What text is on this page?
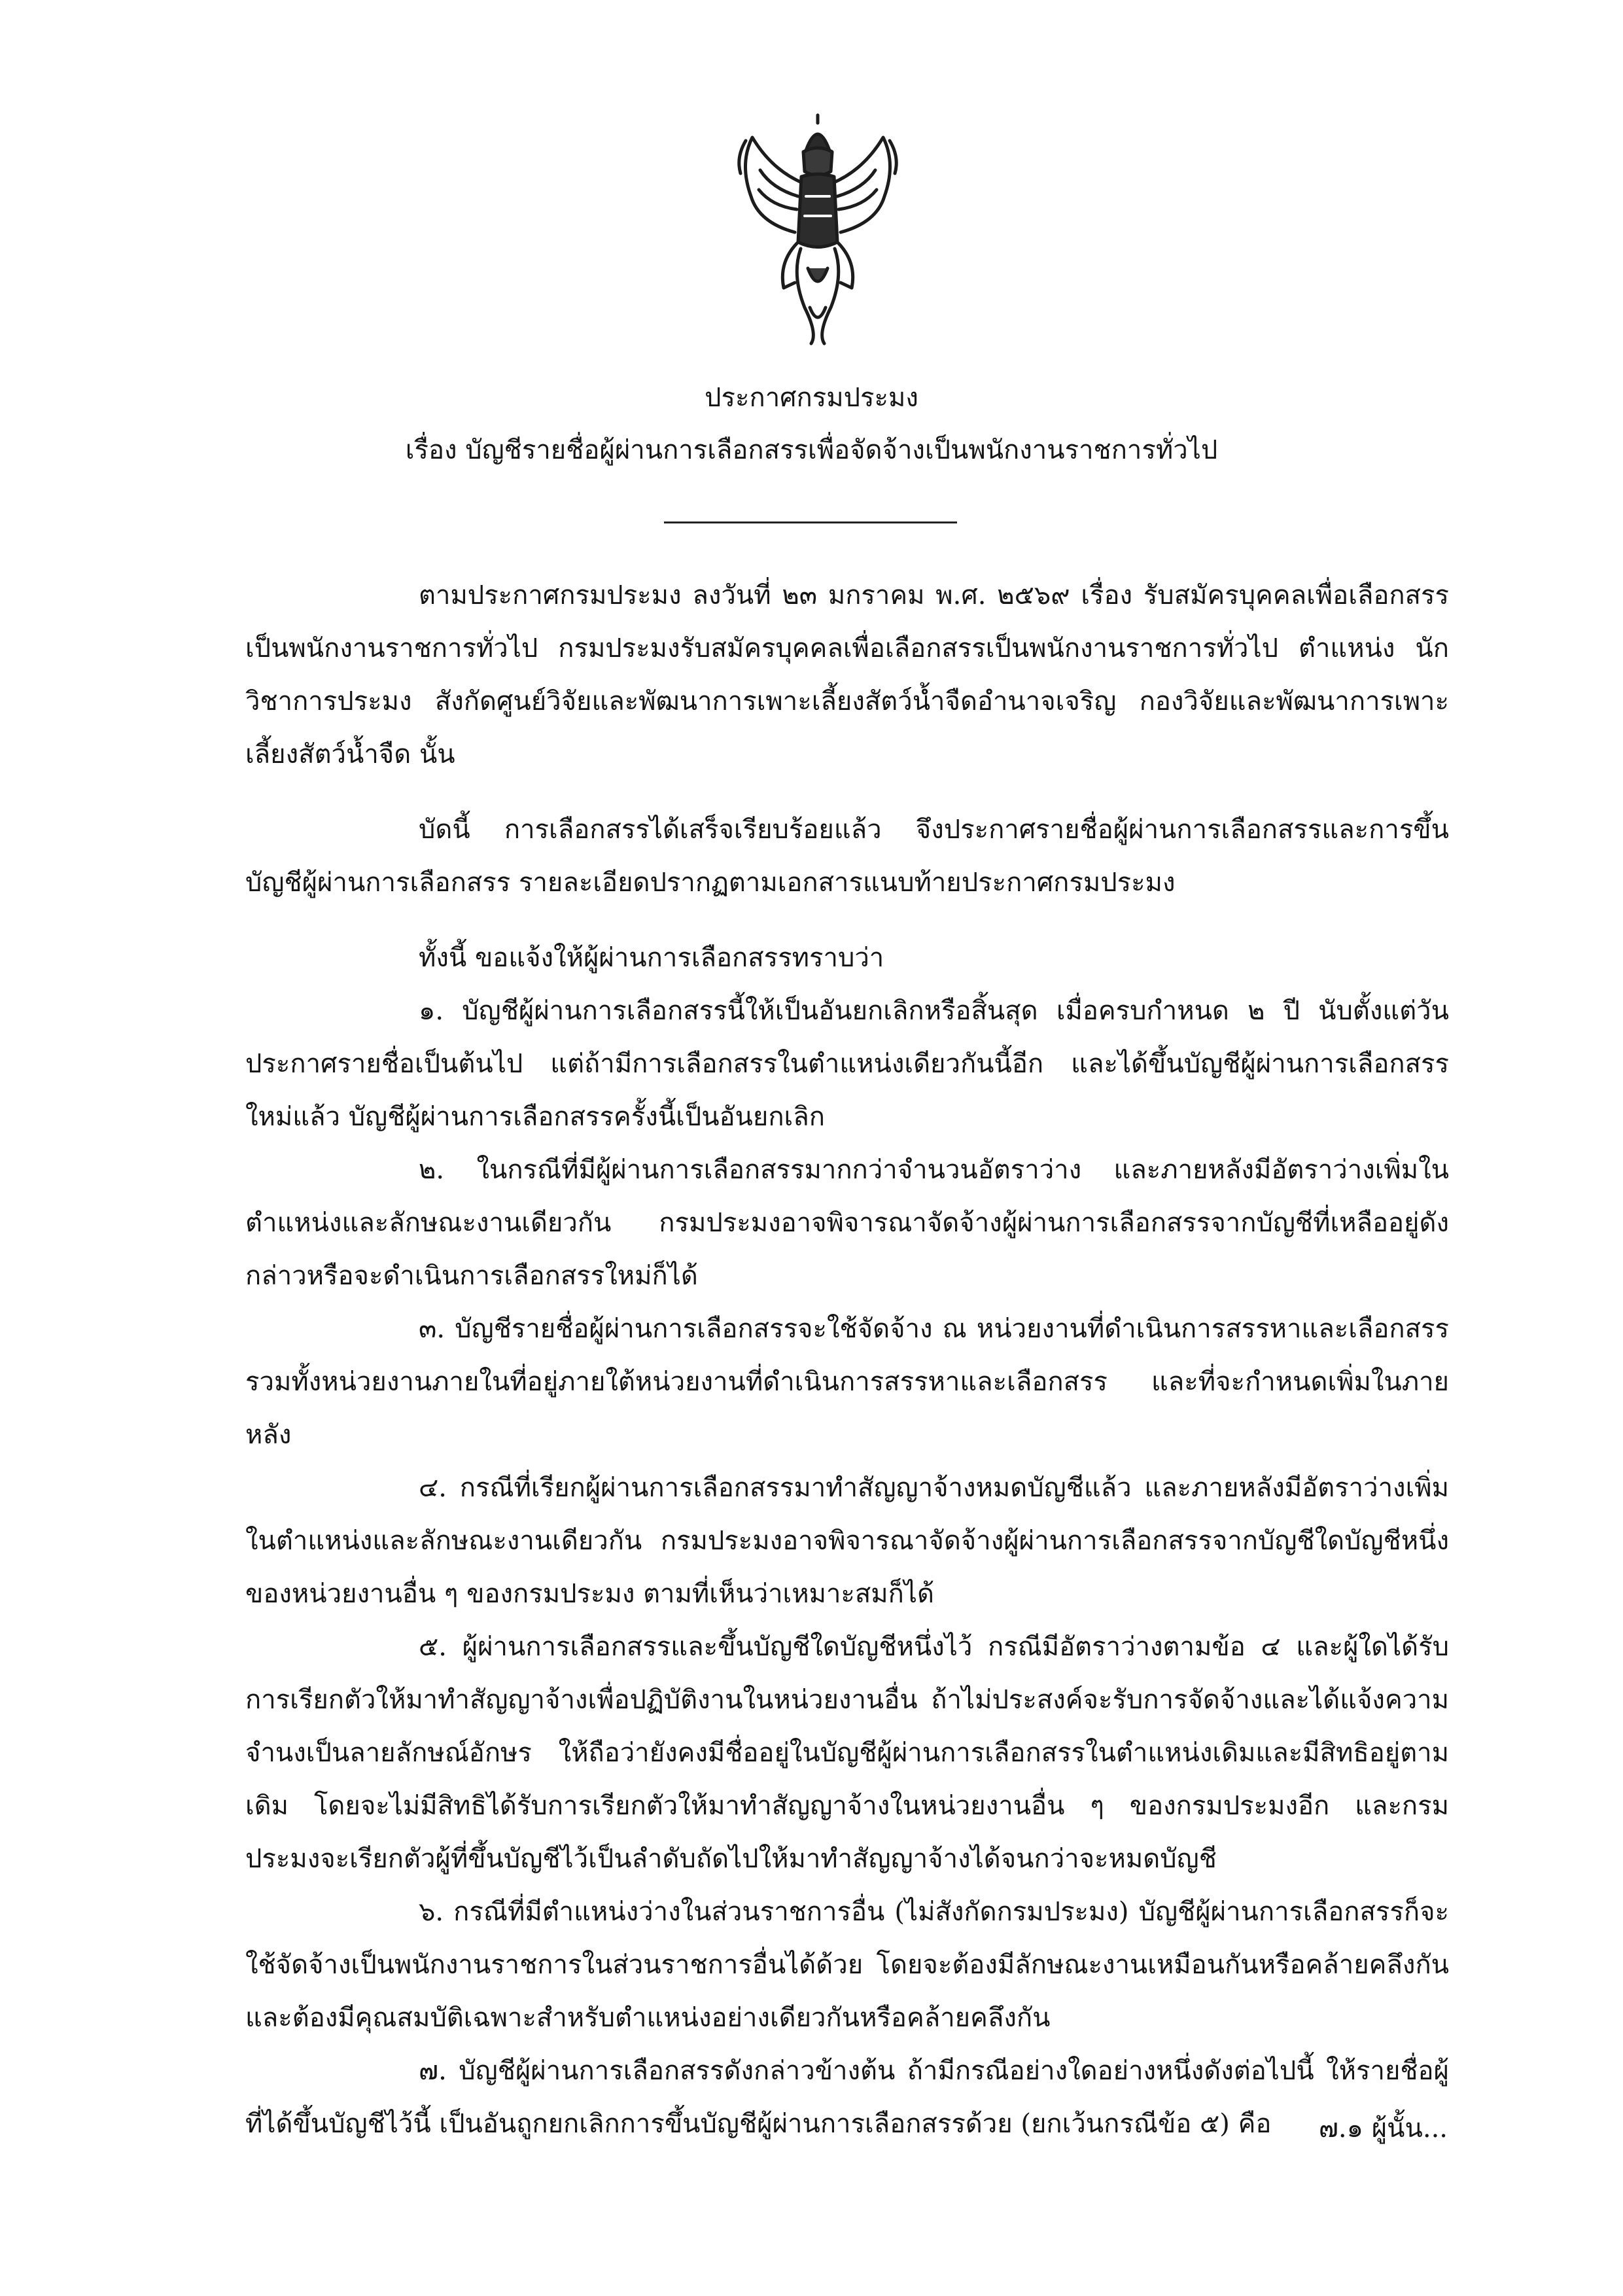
ประกาศกรมประมง
เรื่อง บัญชีรายชื่อผู้ผ่านการเลือกสรรเพื่อจัดจ้างเป็นพนักงานราชการทั่วไป

ตามประกาศกรมประมง ลงวันที่ ๒๓ มกราคม พ.ศ. ๒๕๖๙ เรื่อง รับสมัครบุคคลเพื่อเลือกสรรเป็นพนักงานราชการทั่วไป กรมประมงรับสมัครบุคคลเพื่อเลือกสรรเป็นพนักงานราชการทั่วไป ตำแหน่ง นักวิชาการประมง สังกัดศูนย์วิจัยและพัฒนาการเพาะเลี้ยงสัตว์น้ำจืดอำนาจเจริญ กองวิจัยและพัฒนาการเพาะเลี้ยงสัตว์น้ำจืด นั้น

บัดนี้ การเลือกสรรได้เสร็จเรียบร้อยแล้ว จึงประกาศรายชื่อผู้ผ่านการเลือกสรรและการขึ้นบัญชีผู้ผ่านการเลือกสรร รายละเอียดปรากฏตามเอกสารแนบท้ายประกาศกรมประมง

ทั้งนี้ ขอแจ้งให้ผู้ผ่านการเลือกสรรทราบว่า

๑. บัญชีผู้ผ่านการเลือกสรรนี้ให้เป็นอันยกเลิกหรือสิ้นสุด เมื่อครบกำหนด ๒ ปี นับตั้งแต่วันประกาศรายชื่อเป็นต้นไป แต่ถ้ามีการเลือกสรรในตำแหน่งเดียวกันนี้อีก และได้ขึ้นบัญชีผู้ผ่านการเลือกสรรใหม่แล้ว บัญชีผู้ผ่านการเลือกสรรครั้งนี้เป็นอันยกเลิก

๒. ในกรณีที่มีผู้ผ่านการเลือกสรรมากกว่าจำนวนอัตราว่าง และภายหลังมีอัตราว่างเพิ่มในตำแหน่งและลักษณะงานเดียวกัน กรมประมงอาจพิจารณาจัดจ้างผู้ผ่านการเลือกสรรจากบัญชีที่เหลืออยู่ดังกล่าวหรือจะดำเนินการเลือกสรรใหม่ก็ได้

๓. บัญชีรายชื่อผู้ผ่านการเลือกสรรจะใช้จัดจ้าง ณ หน่วยงานที่ดำเนินการสรรหาและเลือกสรร รวมทั้งหน่วยงานภายในที่อยู่ภายใต้หน่วยงานที่ดำเนินการสรรหาและเลือกสรร และที่จะกำหนดเพิ่มในภายหลัง

๔. กรณีที่เรียกผู้ผ่านการเลือกสรรมาทำสัญญาจ้างหมดบัญชีแล้ว และภายหลังมีอัตราว่างเพิ่มในตำแหน่งและลักษณะงานเดียวกัน กรมประมงอาจพิจารณาจัดจ้างผู้ผ่านการเลือกสรรจากบัญชีใดบัญชีหนึ่งของหน่วยงานอื่น ๆ ของกรมประมง ตามที่เห็นว่าเหมาะสมก็ได้

๕. ผู้ผ่านการเลือกสรรและขึ้นบัญชีใดบัญชีหนึ่งไว้ กรณีมีอัตราว่างตามข้อ ๔ และผู้ใดได้รับการเรียกตัวให้มาทำสัญญาจ้างเพื่อปฏิบัติงานในหน่วยงานอื่น ถ้าไม่ประสงค์จะรับการจัดจ้างและได้แจ้งความจำนงเป็นลายลักษณ์อักษร ให้ถือว่ายังคงมีชื่ออยู่ในบัญชีผู้ผ่านการเลือกสรรในตำแหน่งเดิมและมีสิทธิอยู่ตามเดิม โดยจะไม่มีสิทธิได้รับการเรียกตัวให้มาทำสัญญาจ้างในหน่วยงานอื่น ๆ ของกรมประมงอีก และกรมประมงจะเรียกตัวผู้ที่ขึ้นบัญชีไว้เป็นลำดับถัดไปให้มาทำสัญญาจ้างได้จนกว่าจะหมดบัญชี

๖. กรณีที่มีตำแหน่งว่างในส่วนราชการอื่น (ไม่สังกัดกรมประมง) บัญชีผู้ผ่านการเลือกสรรก็จะใช้จัดจ้างเป็นพนักงานราชการในส่วนราชการอื่นได้ด้วย โดยจะต้องมีลักษณะงานเหมือนกันหรือคล้ายคลึงกันและต้องมีคุณสมบัติเฉพาะสำหรับตำแหน่งอย่างเดียวกันหรือคล้ายคลึงกัน

๗. บัญชีผู้ผ่านการเลือกสรรดังกล่าวข้างต้น ถ้ามีกรณีอย่างใดอย่างหนึ่งดังต่อไปนี้ ให้รายชื่อผู้ที่ได้ขึ้นบัญชีไว้นี้ เป็นอันถูกยกเลิกการขึ้นบัญชีผู้ผ่านการเลือกสรรด้วย (ยกเว้นกรณีข้อ ๕) คือ	๗.๑ ผู้นั้น...
